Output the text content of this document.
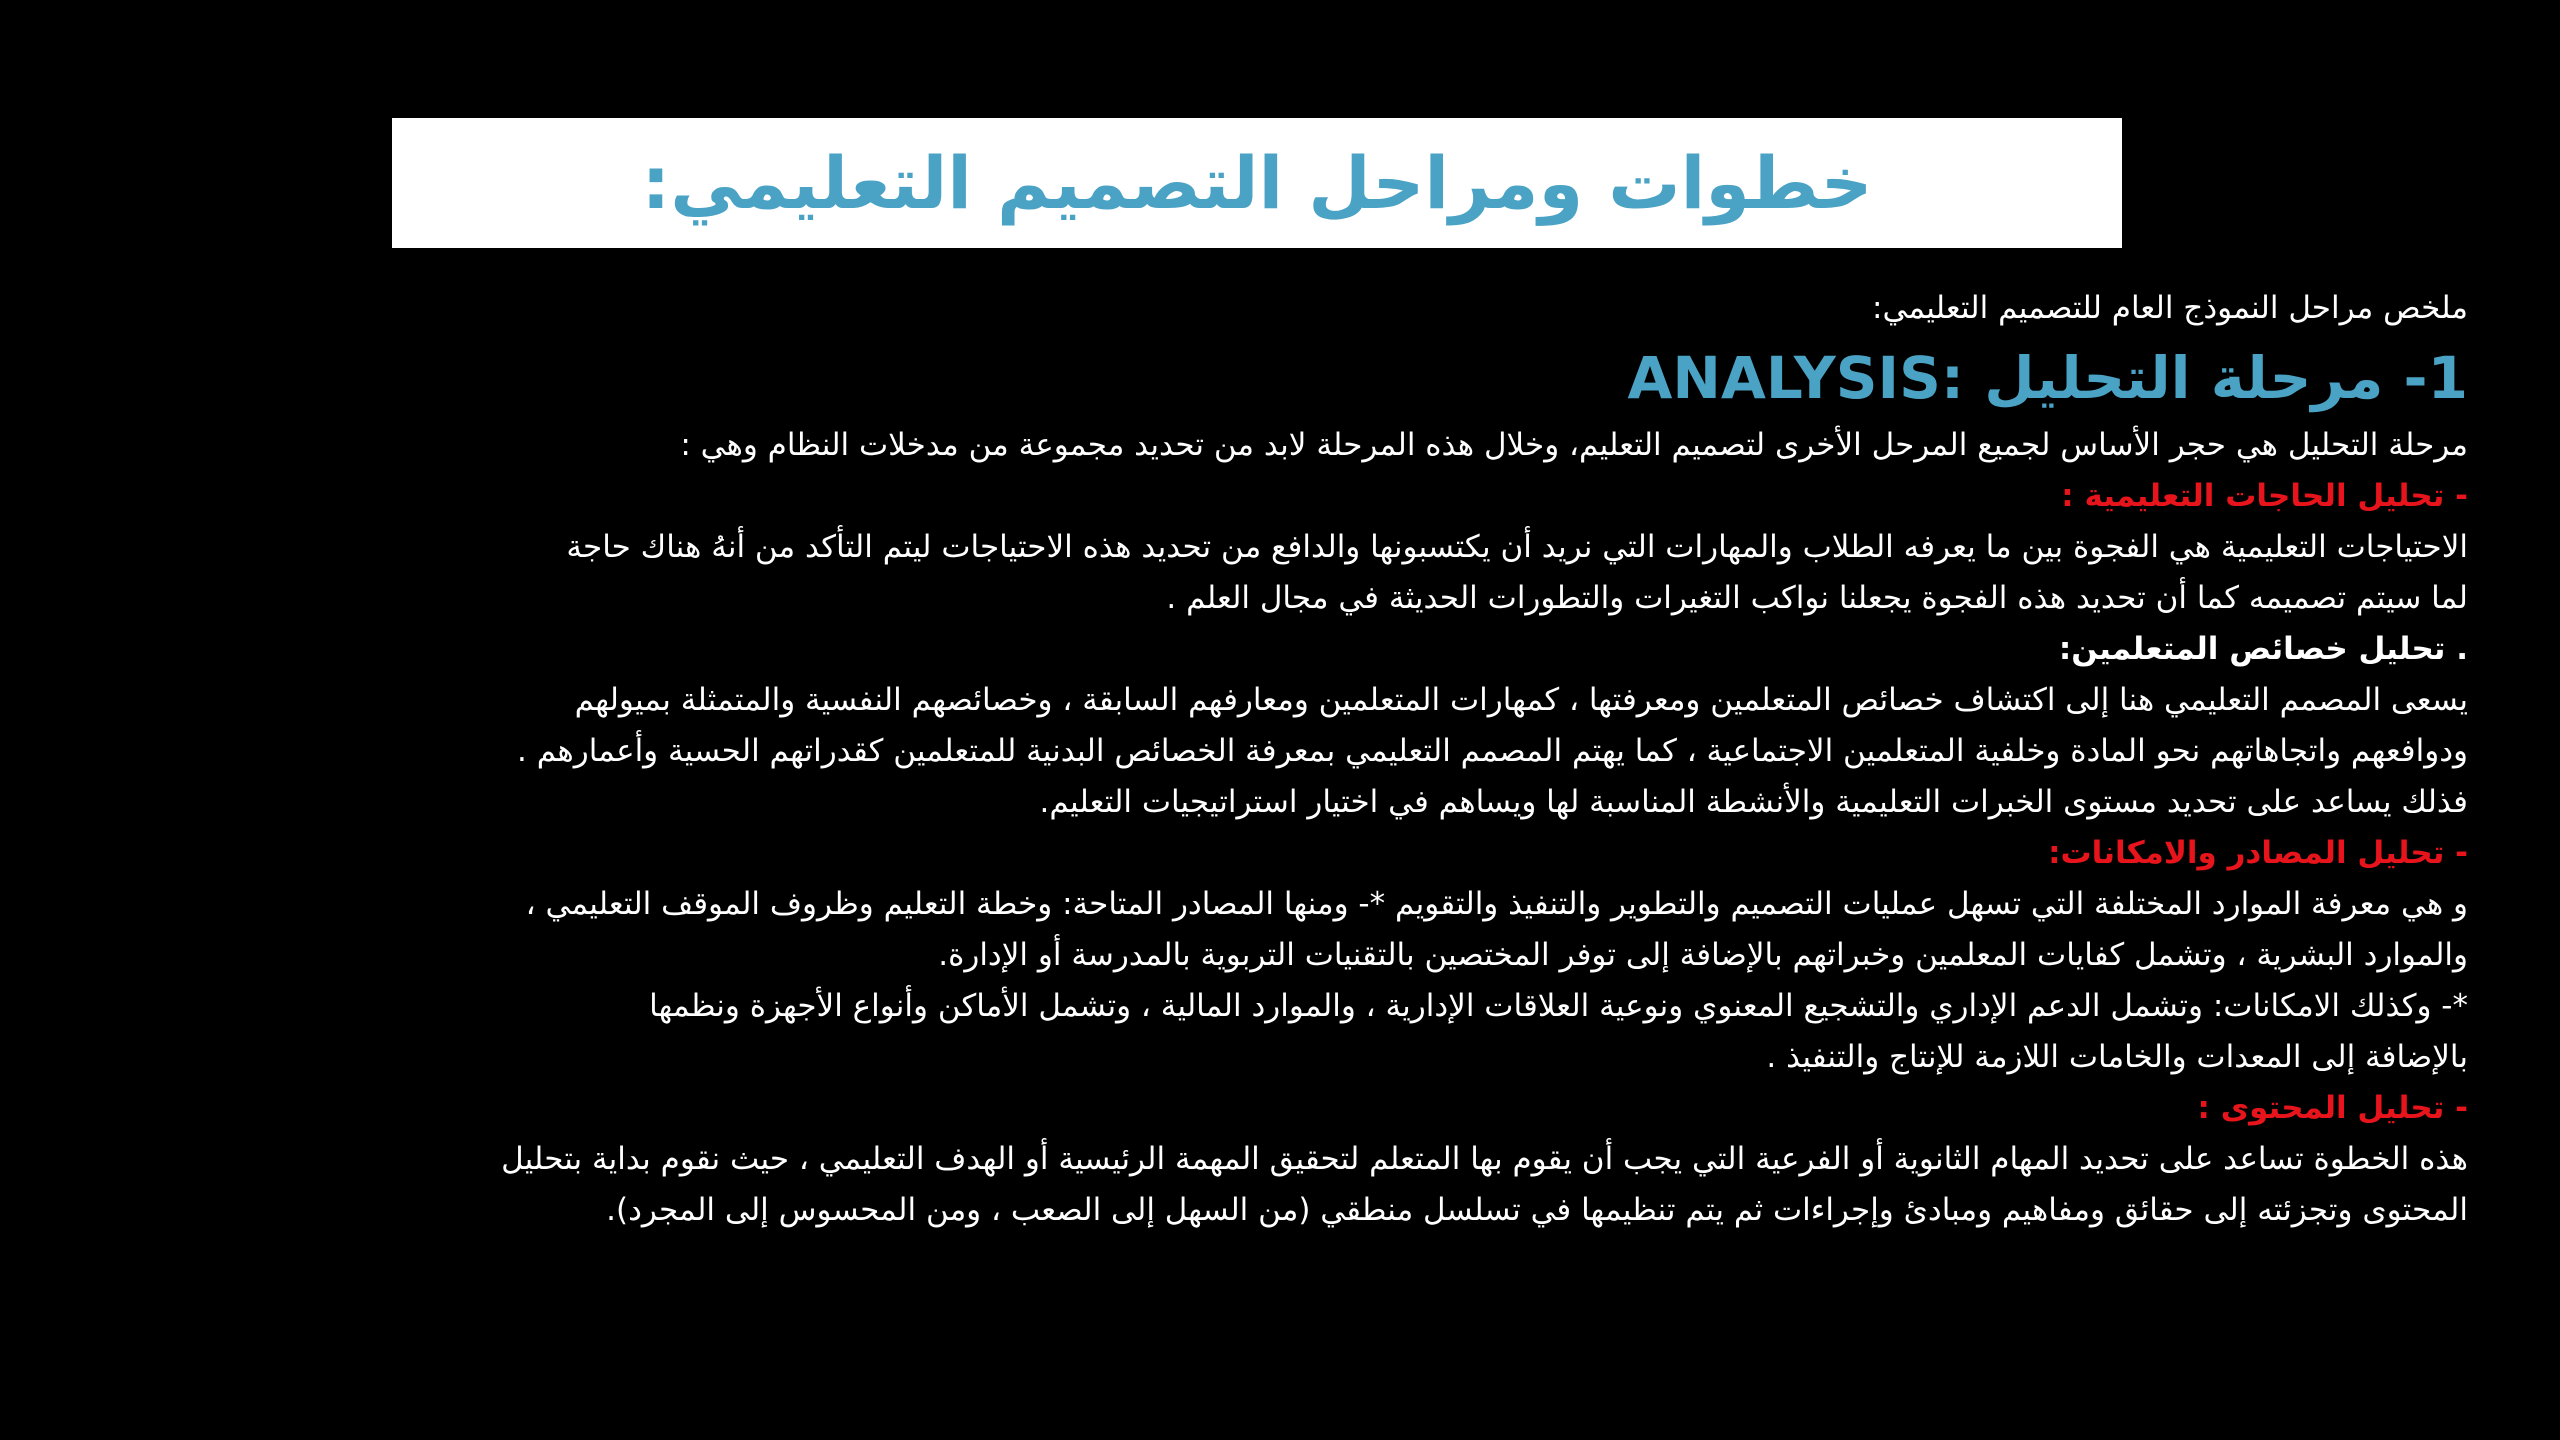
خطوات ومراحل التصميم التعليمي:
ملخص مراحل النموذج العام للتصميم التعليمي:
1- مرحلة التحليل :ANALYSIS
مرحلة التحليل هي حجر الأساس لجميع المرحل الأخرى لتصميم التعليم، وخلال هذه المرحلة لابد من تحديد مجموعة من مدخلات النظام وهي :
- تحليل الحاجات التعليمية :
الاحتياجات التعليمية هي الفجوة بين ما يعرفه الطلاب والمهارات التي نريد أن يكتسبونها والدافع من تحديد هذه الاحتياجات ليتم التأكد من أنهُ هناك حاجة
لما سيتم تصميمه كما أن تحديد هذه الفجوة يجعلنا نواكب التغيرات والتطورات الحديثة في مجال العلم .
. تحليل خصائص المتعلمين:
يسعى المصمم التعليمي هنا إلى اكتشاف خصائص المتعلمين ومعرفتها ، كمهارات المتعلمين ومعارفهم السابقة ، وخصائصهم النفسية والمتمثلة بميولهم
ودوافعهم واتجاهاتهم نحو المادة وخلفية المتعلمين الاجتماعية ، كما يهتم المصمم التعليمي بمعرفة الخصائص البدنية للمتعلمين كقدراتهم الحسية وأعمارهم .
فذلك يساعد على تحديد مستوى الخبرات التعليمية والأنشطة المناسبة لها ويساهم في اختيار استراتيجيات التعليم.
- تحليل المصادر والامكانات:
و هي معرفة الموارد المختلفة التي تسهل عمليات التصميم والتطوير والتنفيذ والتقويم *- ومنها المصادر المتاحة: وخطة التعليم وظروف الموقف التعليمي ،
والموارد البشرية ، وتشمل كفايات المعلمين وخبراتهم بالإضافة إلى توفر المختصين بالتقنيات التربوية بالمدرسة أو الإدارة.
*- وكذلك الامكانات: وتشمل الدعم الإداري والتشجيع المعنوي ونوعية العلاقات الإدارية ، والموارد المالية ، وتشمل الأماكن وأنواع الأجهزة ونظمها
بالإضافة إلى المعدات والخامات اللازمة للإنتاج والتنفيذ .
- تحليل المحتوى :
هذه الخطوة تساعد على تحديد المهام الثانوية أو الفرعية التي يجب أن يقوم بها المتعلم لتحقيق المهمة الرئيسية أو الهدف التعليمي ، حيث نقوم بداية بتحليل
المحتوى وتجزئته إلى حقائق ومفاهيم ومبادئ وإجراءات ثم يتم تنظيمها في تسلسل منطقي (من السهل إلى الصعب ، ومن المحسوس إلى المجرد).
